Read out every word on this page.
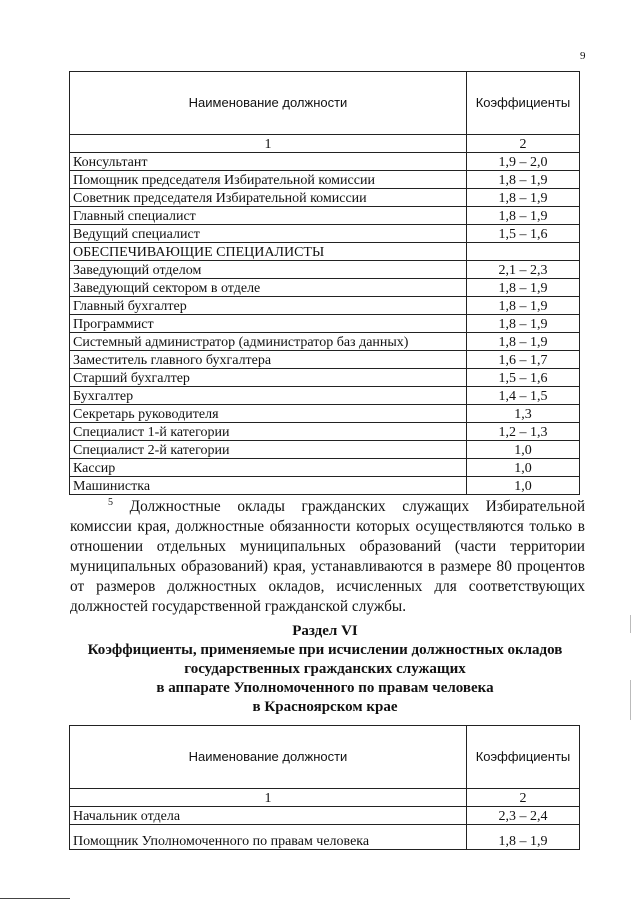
9
Наименование должности	Коэффициенты
1	2
Консультант	1,9 – 2,0
Помощник председателя Избирательной комиссии	1,8 – 1,9
Советник председателя Избирательной комиссии	1,8 – 1,9
Главный специалист	1,8 – 1,9
Ведущий специалист	1,5 – 1,6
ОБЕСПЕЧИВАЮЩИЕ СПЕЦИАЛИСТЫ	
Заведующий отделом	2,1 – 2,3
Заведующий сектором в отделе	1,8 – 1,9
Главный бухгалтер	1,8 – 1,9
Программист	1,8 – 1,9
Системный администратор (администратор баз данных)	1,8 – 1,9
Заместитель главного бухгалтера	1,6 – 1,7
Старший бухгалтер	1,5 – 1,6
Бухгалтер	1,4 – 1,5
Секретарь руководителя	1,3
Специалист 1-й категории	1,2 – 1,3
Специалист 2-й категории	1,0
Кассир	1,0
Машинистка	1,0
$^5$ Должностные оклады гражданских служащих Избирательной комиссии края, должностные обязанности которых осуществляются только в отношении отдельных муниципальных образований (части территории муниципальных образований) края, устанавливаются в размере 80 процентов от размеров должностных окладов, исчисленных для соответствующих должностей государственной гражданской службы.
Раздел VI
Коэффициенты, применяемые при исчислении должностных окладов
государственных гражданских служащих
в аппарате Уполномоченного по правам человека
в Красноярском крае
Наименование должности	Коэффициенты
1	2
Начальник отдела	2,3 – 2,4
Помощник Уполномоченного по правам человека	1,8 – 1,9
